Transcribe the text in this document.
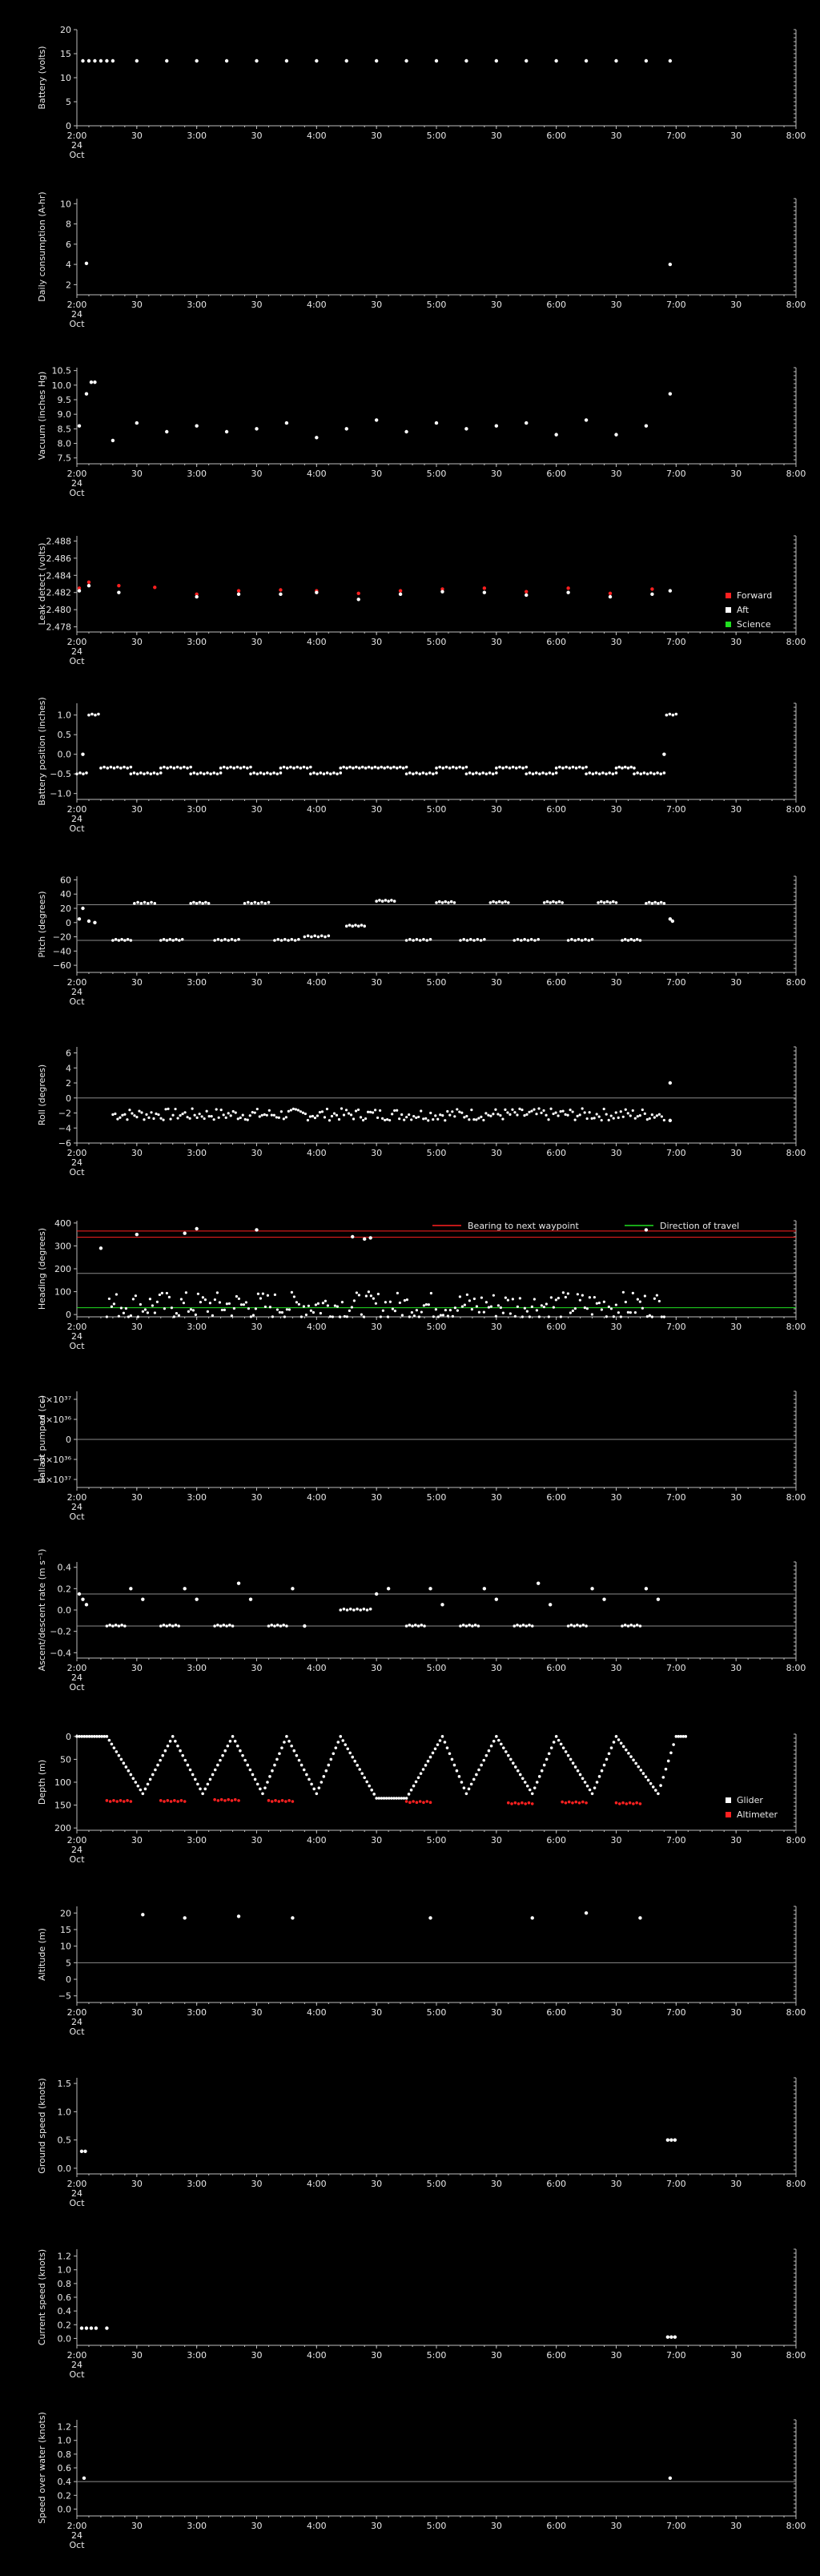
0
5
10
15
20
Battery (volts)
2:00	30	3:00	30	4:00	30	5:00	30	6:00	30	7:00	30	8:00
24
Oct
2
4
6
8
10
Daily consumption (A-hr)
2:00	30	3:00	30	4:00	30	5:00	30	6:00	30	7:00	30	8:00
24
Oct
7.5
8.0
8.5
9.0
9.5
10.0
10.5
Vacuum (inches Hg)
2:00	30	3:00	30	4:00	30	5:00	30	6:00	30	7:00	30	8:00
24
Oct
2.478
2.480
2.482
2.484
2.486
2.488
Leak detect (volts)
2:00	30	3:00	30	4:00	30	5:00	30	6:00	30	7:00	30	8:00
24
Oct
Forward
Aft
Science
−1.0
−0.5
0.0
0.5
1.0
Battery position (inches)
2:00	30	3:00	30	4:00	30	5:00	30	6:00	30	7:00	30	8:00
24
Oct
−60
−40
−20
0
20
40
60
Pitch (degrees)
2:00	30	3:00	30	4:00	30	5:00	30	6:00	30	7:00	30	8:00
24
Oct
−6
−4
−2
0
2
4
6
Roll (degrees)
2:00	30	3:00	30	4:00	30	5:00	30	6:00	30	7:00	30	8:00
24
Oct
0
100
200
300
400
Heading (degrees)
2:00	30	3:00	30	4:00	30	5:00	30	6:00	30	7:00	30	8:00
24
Oct
Bearing to next waypoint	Direction of travel
−1×10³⁷
−5×10³⁶
0
5×10³⁶
1×10³⁷
Ballast pumped (cc)
2:00	30	3:00	30	4:00	30	5:00	30	6:00	30	7:00	30	8:00
24
Oct
−0.4
−0.2
0.0
0.2
0.4
Ascent/descent rate (m s⁻¹) 2:00	30	3:00	30	4:00	30	5:00	30	6:00	30	7:00	30	8:00
24
Oct
0
50
100
150
200
Depth (m)
2:00	30	3:00	30	4:00	30	5:00	30	6:00	30	7:00	30	8:00
24
Oct
Glider
Altimeter
−5
0
5
10
15
20
Altitude (m)
2:00	30	3:00	30	4:00	30	5:00	30	6:00	30	7:00	30	8:00
24
Oct
0.0
0.5
1.0
1.5
Ground speed (knots)
2:00	30	3:00	30	4:00	30	5:00	30	6:00	30	7:00	30	8:00
24
Oct
0.0
0.2
0.4
0.6
0.8
1.0
1.2
Current speed (knots)
2:00	30	3:00	30	4:00	30	5:00	30	6:00	30	7:00	30	8:00
24
Oct
0.0
0.2
0.4
0.6
0.8
1.0
1.2
Speed over water (knots)
2:00	30	3:00	30	4:00	30	5:00	30	6:00	30	7:00	30	8:00
24
Oct
